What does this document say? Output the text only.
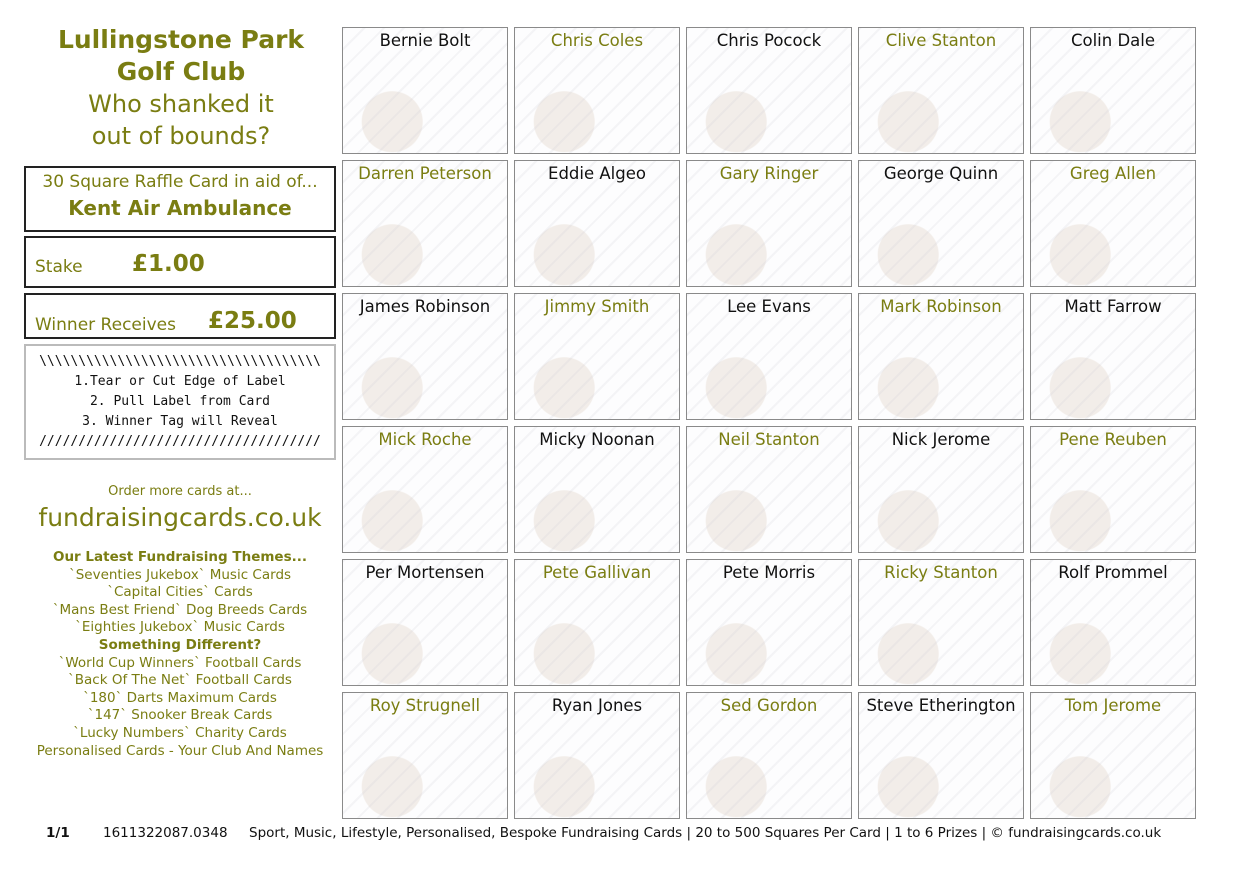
Lullingstone Park
Golf Club
Who shanked it
out of bounds?
30 Square Raffle Card in aid of...
Kent Air Ambulance
Stake £1.00
Winner Receives £25.00
\\\\\\\\\\\\\\\\\\\\\\\\\\\\\\\\\\\\
1.Tear or Cut Edge of Label
2. Pull Label from Card
3. Winner Tag will Reveal
////////////////////////////////////
Order more cards at...
fundraisingcards.co.uk
Our Latest Fundraising Themes...
`Seventies Jukebox` Music Cards
`Capital Cities` Cards
`Mans Best Friend` Dog Breeds Cards
`Eighties Jukebox` Music Cards
Something Different?
`World Cup Winners` Football Cards
`Back Of The Net` Football Cards
`180` Darts Maximum Cards
`147` Snooker Break Cards
`Lucky Numbers` Charity Cards
Personalised Cards - Your Club And Names
Bernie Bolt	Chris Coles	Chris Pocock	Clive Stanton	Colin Dale
Darren Peterson	Eddie Algeo	Gary Ringer	George Quinn	Greg Allen
James Robinson	Jimmy Smith	Lee Evans	Mark Robinson	Matt Farrow
Mick Roche	Micky Noonan	Neil Stanton	Nick Jerome	Pene Reuben
Per Mortensen	Pete Gallivan	Pete Morris	Ricky Stanton	Rolf Prommel
Roy Strugnell	Ryan Jones	Sed Gordon	Steve Etherington	Tom Jerome
1/1 1611322087.0348 Sport, Music, Lifestyle, Personalised, Bespoke Fundraising Cards | 20 to 500 Squares Per Card | 1 to 6 Prizes | © fundraisingcards.co.uk
